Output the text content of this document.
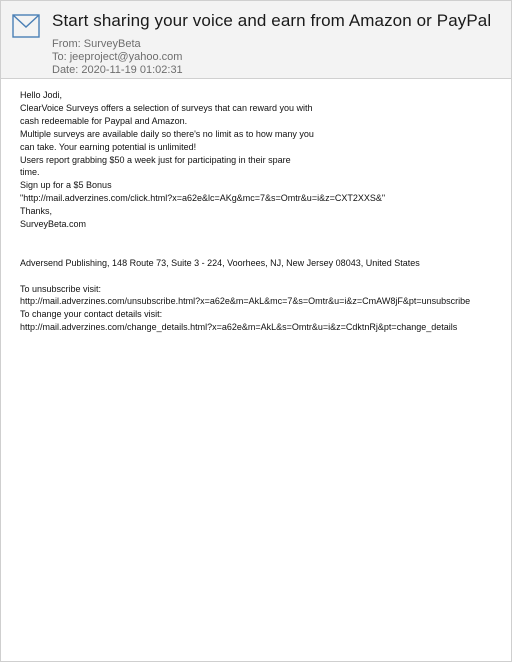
Start sharing your voice and earn from Amazon or PayPal
From: SurveyBeta
To: jeeproject@yahoo.com
Date: 2020-11-19 01:02:31
Hello Jodi,
ClearVoice Surveys offers a selection of surveys that can reward you with
cash redeemable for Paypal and Amazon.
Multiple surveys are available daily so there's no limit as to how many you
can take. Your earning potential is unlimited!
Users report grabbing $50 a week just for participating in their spare
time.
Sign up for a $5 Bonus
"http://mail.adverzines.com/click.html?x=a62e&lc=AKg&mc=7&s=Omtr&u=i&z=CXT2XXS&"
Thanks,
SurveyBeta.com
Adversend Publishing, 148 Route 73, Suite 3 - 224, Voorhees, NJ, New Jersey 08043, United States
To unsubscribe visit:
http://mail.adverzines.com/unsubscribe.html?x=a62e&m=AkL&mc=7&s=Omtr&u=i&z=CmAW8jF&pt=unsubscribe
To change your contact details visit:
http://mail.adverzines.com/change_details.html?x=a62e&m=AkL&s=Omtr&u=i&z=CdktnRj&pt=change_details
